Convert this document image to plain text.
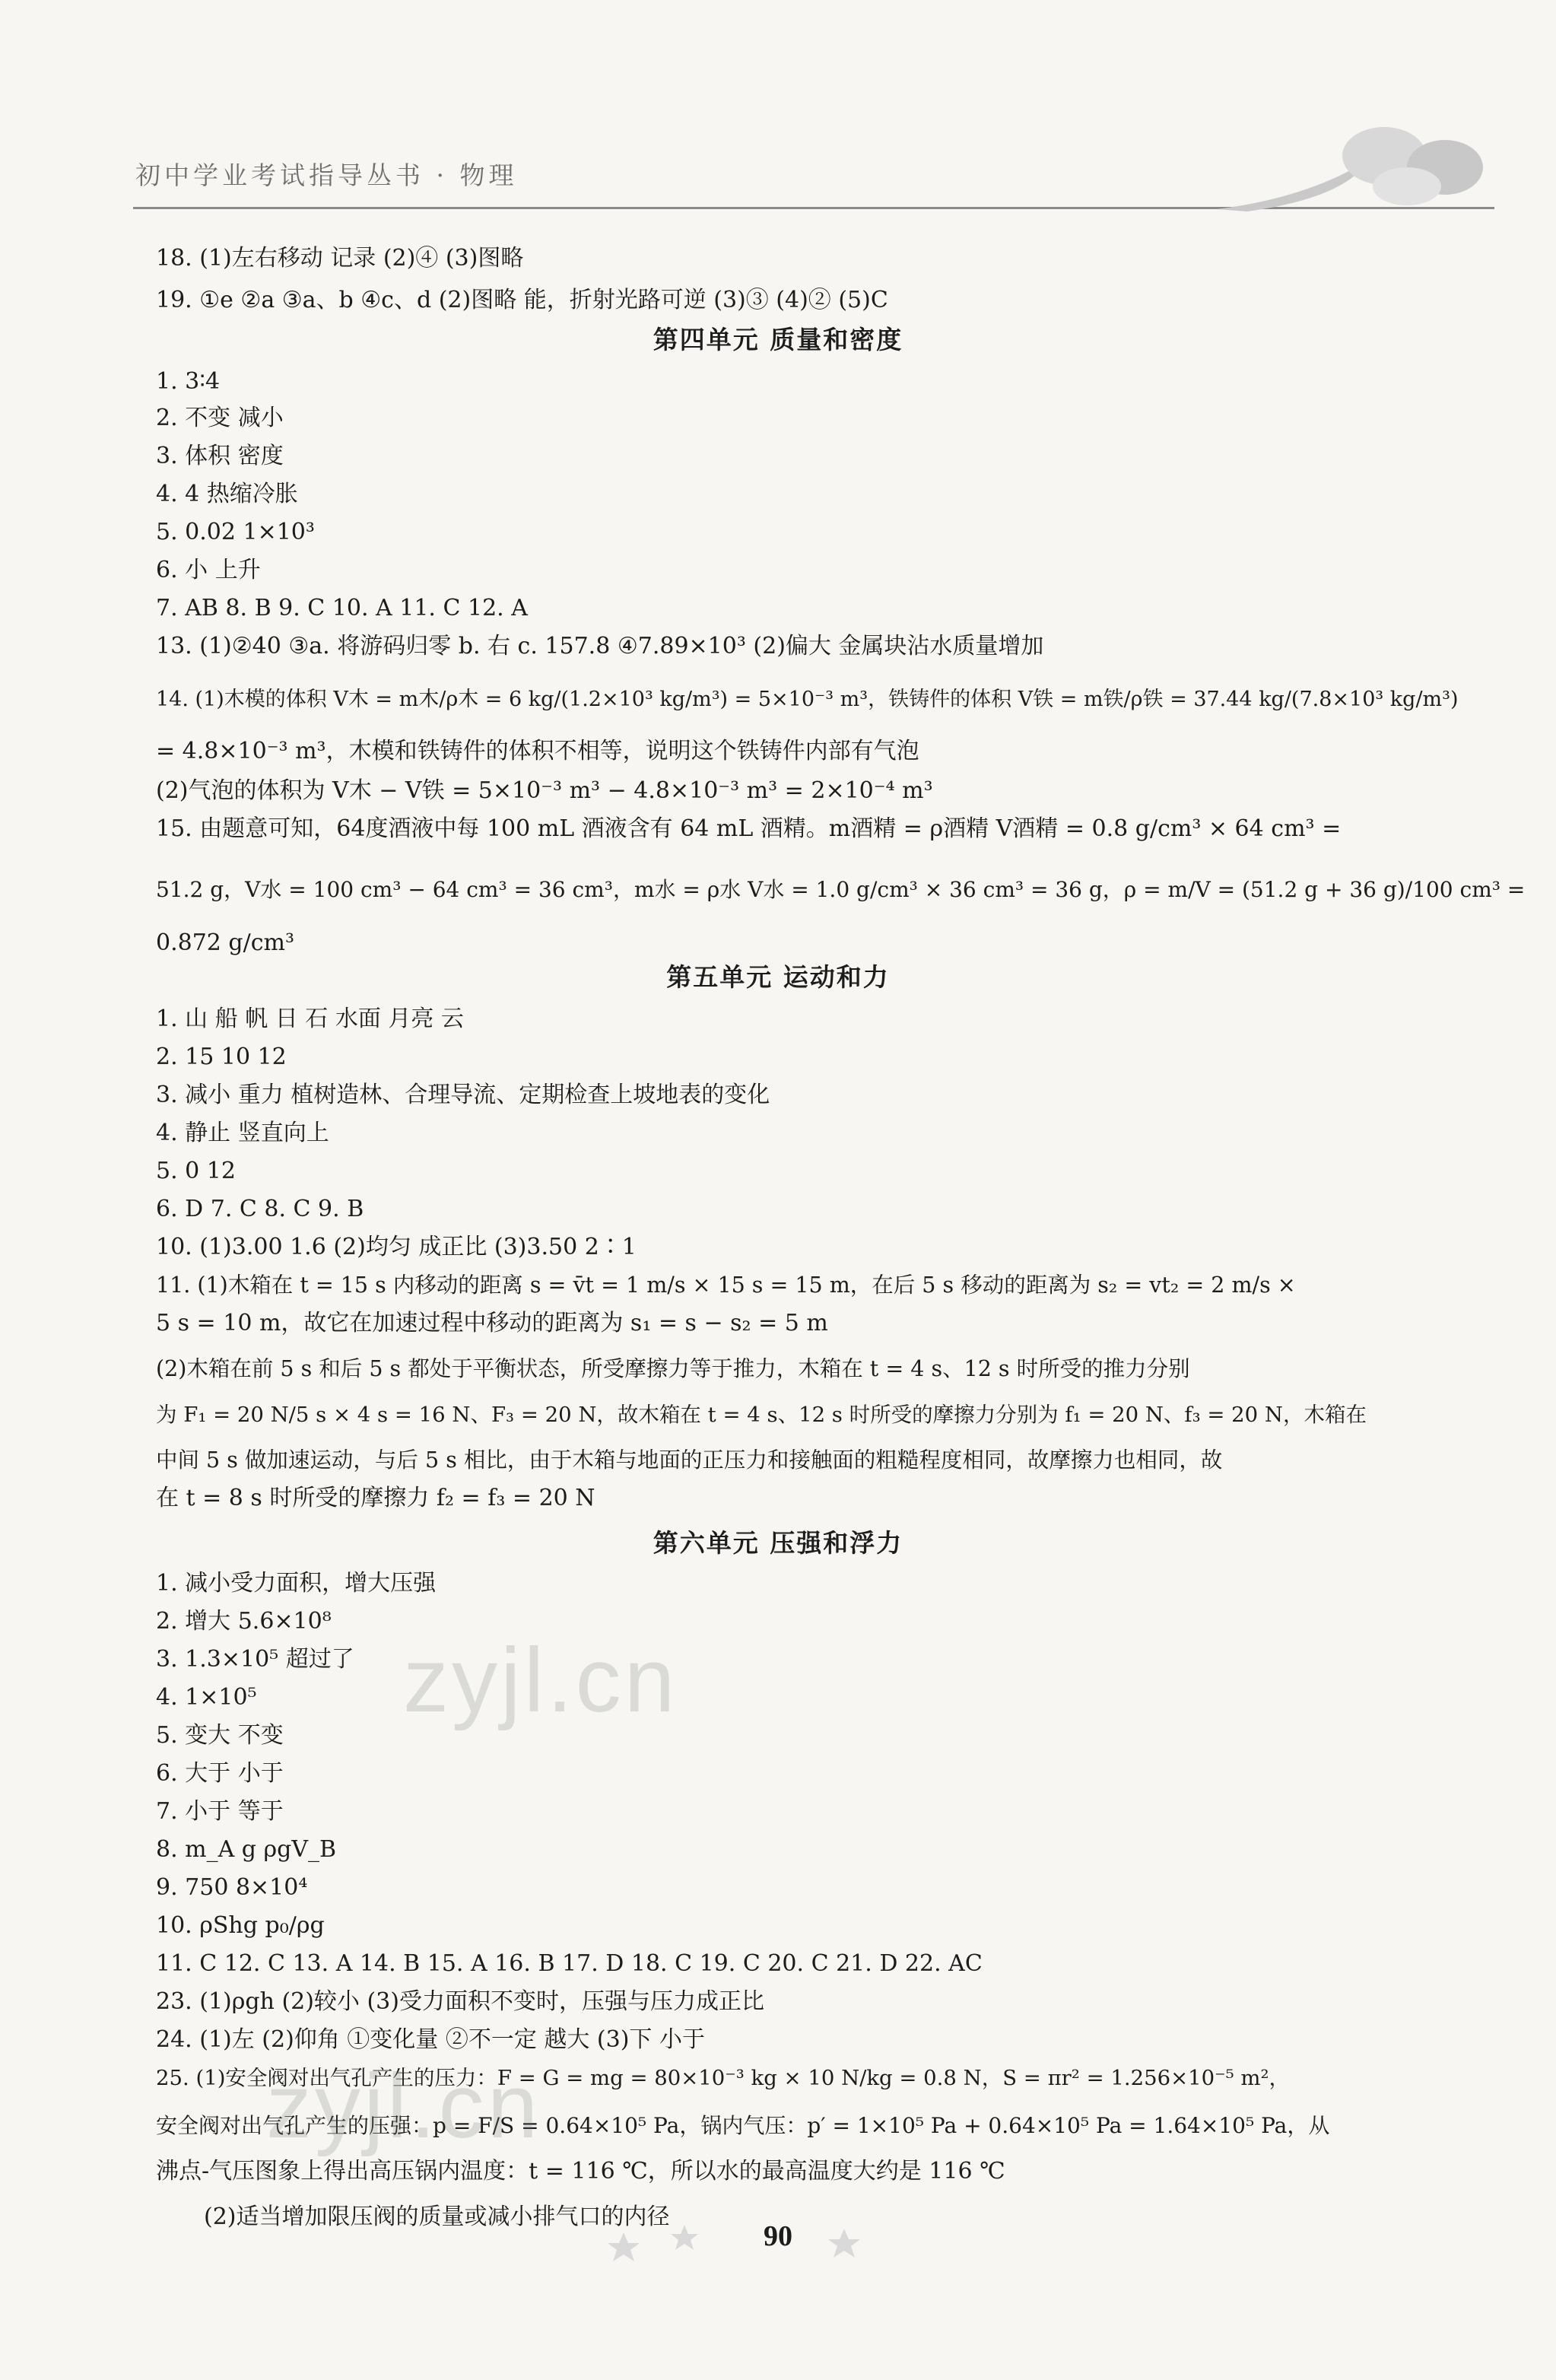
初中学业考试指导丛书 · 物理
18. (1)左右移动 记录 (2)④ (3)图略
19. ①e ②a ③a、b ④c、d (2)图略 能，折射光路可逆 (3)③ (4)② (5)C
第四单元 质量和密度
1. 3∶4
2. 不变 减小
3. 体积 密度
4. 4 热缩冷胀
5. 0.02 1×10³
6. 小 上升
7. AB 8. B 9. C 10. A 11. C 12. A
13. (1)②40 ③a. 将游码归零 b. 右 c. 157.8 ④7.89×10³ (2)偏大 金属块沾水质量增加
14. (1)木模的体积 V木 = m木/ρ木 = 6 kg/(1.2×10³ kg/m³) = 5×10⁻³ m³，铁铸件的体积 V铁 = m铁/ρ铁 = 37.44 kg/(7.8×10³ kg/m³)
= 4.8×10⁻³ m³，木模和铁铸件的体积不相等，说明这个铁铸件内部有气泡
(2)气泡的体积为 V木 − V铁 = 5×10⁻³ m³ − 4.8×10⁻³ m³ = 2×10⁻⁴ m³
15. 由题意可知，64度酒液中每 100 mL 酒液含有 64 mL 酒精。m酒精 = ρ酒精 V酒精 = 0.8 g/cm³ × 64 cm³ =
51.2 g，V水 = 100 cm³ − 64 cm³ = 36 cm³，m水 = ρ水 V水 = 1.0 g/cm³ × 36 cm³ = 36 g，ρ = m/V = (51.2 g + 36 g)/100 cm³ =
0.872 g/cm³
第五单元 运动和力
1. 山 船 帆 日 石 水面 月亮 云
2. 15 10 12
3. 减小 重力 植树造林、合理导流、定期检查上坡地表的变化
4. 静止 竖直向上
5. 0 12
6. D 7. C 8. C 9. B
10. (1)3.00 1.6 (2)均匀 成正比 (3)3.50 2∶1
11. (1)木箱在 t = 15 s 内移动的距离 s = v̄t = 1 m/s × 15 s = 15 m，在后 5 s 移动的距离为 s₂ = vt₂ = 2 m/s ×
5 s = 10 m，故它在加速过程中移动的距离为 s₁ = s − s₂ = 5 m
(2)木箱在前 5 s 和后 5 s 都处于平衡状态，所受摩擦力等于推力，木箱在 t = 4 s、12 s 时所受的推力分别
为 F₁ = 20 N/5 s × 4 s = 16 N、F₃ = 20 N，故木箱在 t = 4 s、12 s 时所受的摩擦力分别为 f₁ = 20 N、f₃ = 20 N，木箱在
中间 5 s 做加速运动，与后 5 s 相比，由于木箱与地面的正压力和接触面的粗糙程度相同，故摩擦力也相同，故
在 t = 8 s 时所受的摩擦力 f₂ = f₃ = 20 N
第六单元 压强和浮力
1. 减小受力面积，增大压强
2. 增大 5.6×10⁸
3. 1.3×10⁵ 超过了
4. 1×10⁵
5. 变大 不变
6. 大于 小于
7. 小于 等于
8. m_A g ρgV_B
9. 750 8×10⁴
10. ρShg p₀/ρg
11. C 12. C 13. A 14. B 15. A 16. B 17. D 18. C 19. C 20. C 21. D 22. AC
23. (1)ρgh (2)较小 (3)受力面积不变时，压强与压力成正比
24. (1)左 (2)仰角 ①变化量 ②不一定 越大 (3)下 小于
25. (1)安全阀对出气孔产生的压力：F = G = mg = 80×10⁻³ kg × 10 N/kg = 0.8 N，S = πr² = 1.256×10⁻⁵ m²，
安全阀对出气孔产生的压强：p = F/S = 0.64×10⁵ Pa，锅内气压：p′ = 1×10⁵ Pa + 0.64×10⁵ Pa = 1.64×10⁵ Pa，从
沸点-气压图象上得出高压锅内温度：t = 116 ℃，所以水的最高温度大约是 116 ℃
(2)适当增加限压阀的质量或减小排气口的内径
zyjl.cn
zyjl.cn
90
